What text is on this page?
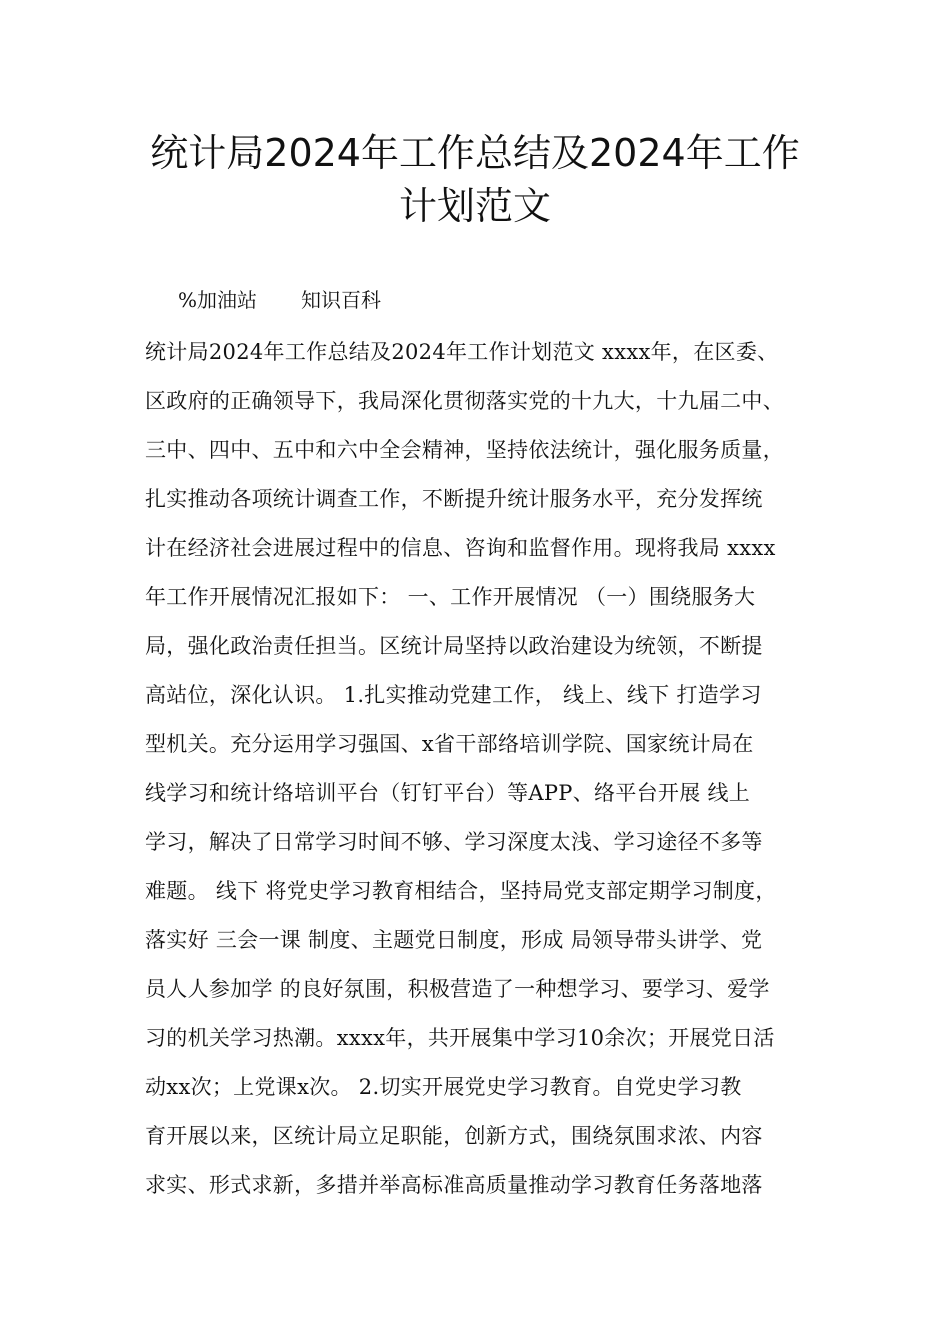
统计局2024年工作总结及2024年工作
计划范文
%加油站 知识百科
统计局2024年工作总结及2024年工作计划范文 xxxx年，在区委、
区政府的正确领导下，我局深化贯彻落实党的十九大，十九届二中、
三中、四中、五中和六中全会精神，坚持依法统计，强化服务质量，
扎实推动各项统计调查工作，不断提升统计服务水平，充分发挥统
计在经济社会进展过程中的信息、咨询和监督作用。现将我局 xxxx
年工作开展情况汇报如下： 一、工作开展情况 （一）围绕服务大
局，强化政治责任担当。区统计局坚持以政治建设为统领，不断提
高站位，深化认识。 1.扎实推动党建工作， 线上、线下 打造学习
型机关。充分运用学习强国、x省干部络培训学院、国家统计局在
线学习和统计络培训平台（钉钉平台）等APP、络平台开展 线上
学习，解决了日常学习时间不够、学习深度太浅、学习途径不多等
难题。 线下 将党史学习教育相结合，坚持局党支部定期学习制度，
落实好 三会一课 制度、主题党日制度，形成 局领导带头讲学、党
员人人参加学 的良好氛围，积极营造了一种想学习、要学习、爱学
习的机关学习热潮。xxxx年，共开展集中学习10余次；开展党日活
动xx次；上党课x次。 2.切实开展党史学习教育。自党史学习教
育开展以来，区统计局立足职能，创新方式，围绕氛围求浓、内容
求实、形式求新，多措并举高标准高质量推动学习教育任务落地落
